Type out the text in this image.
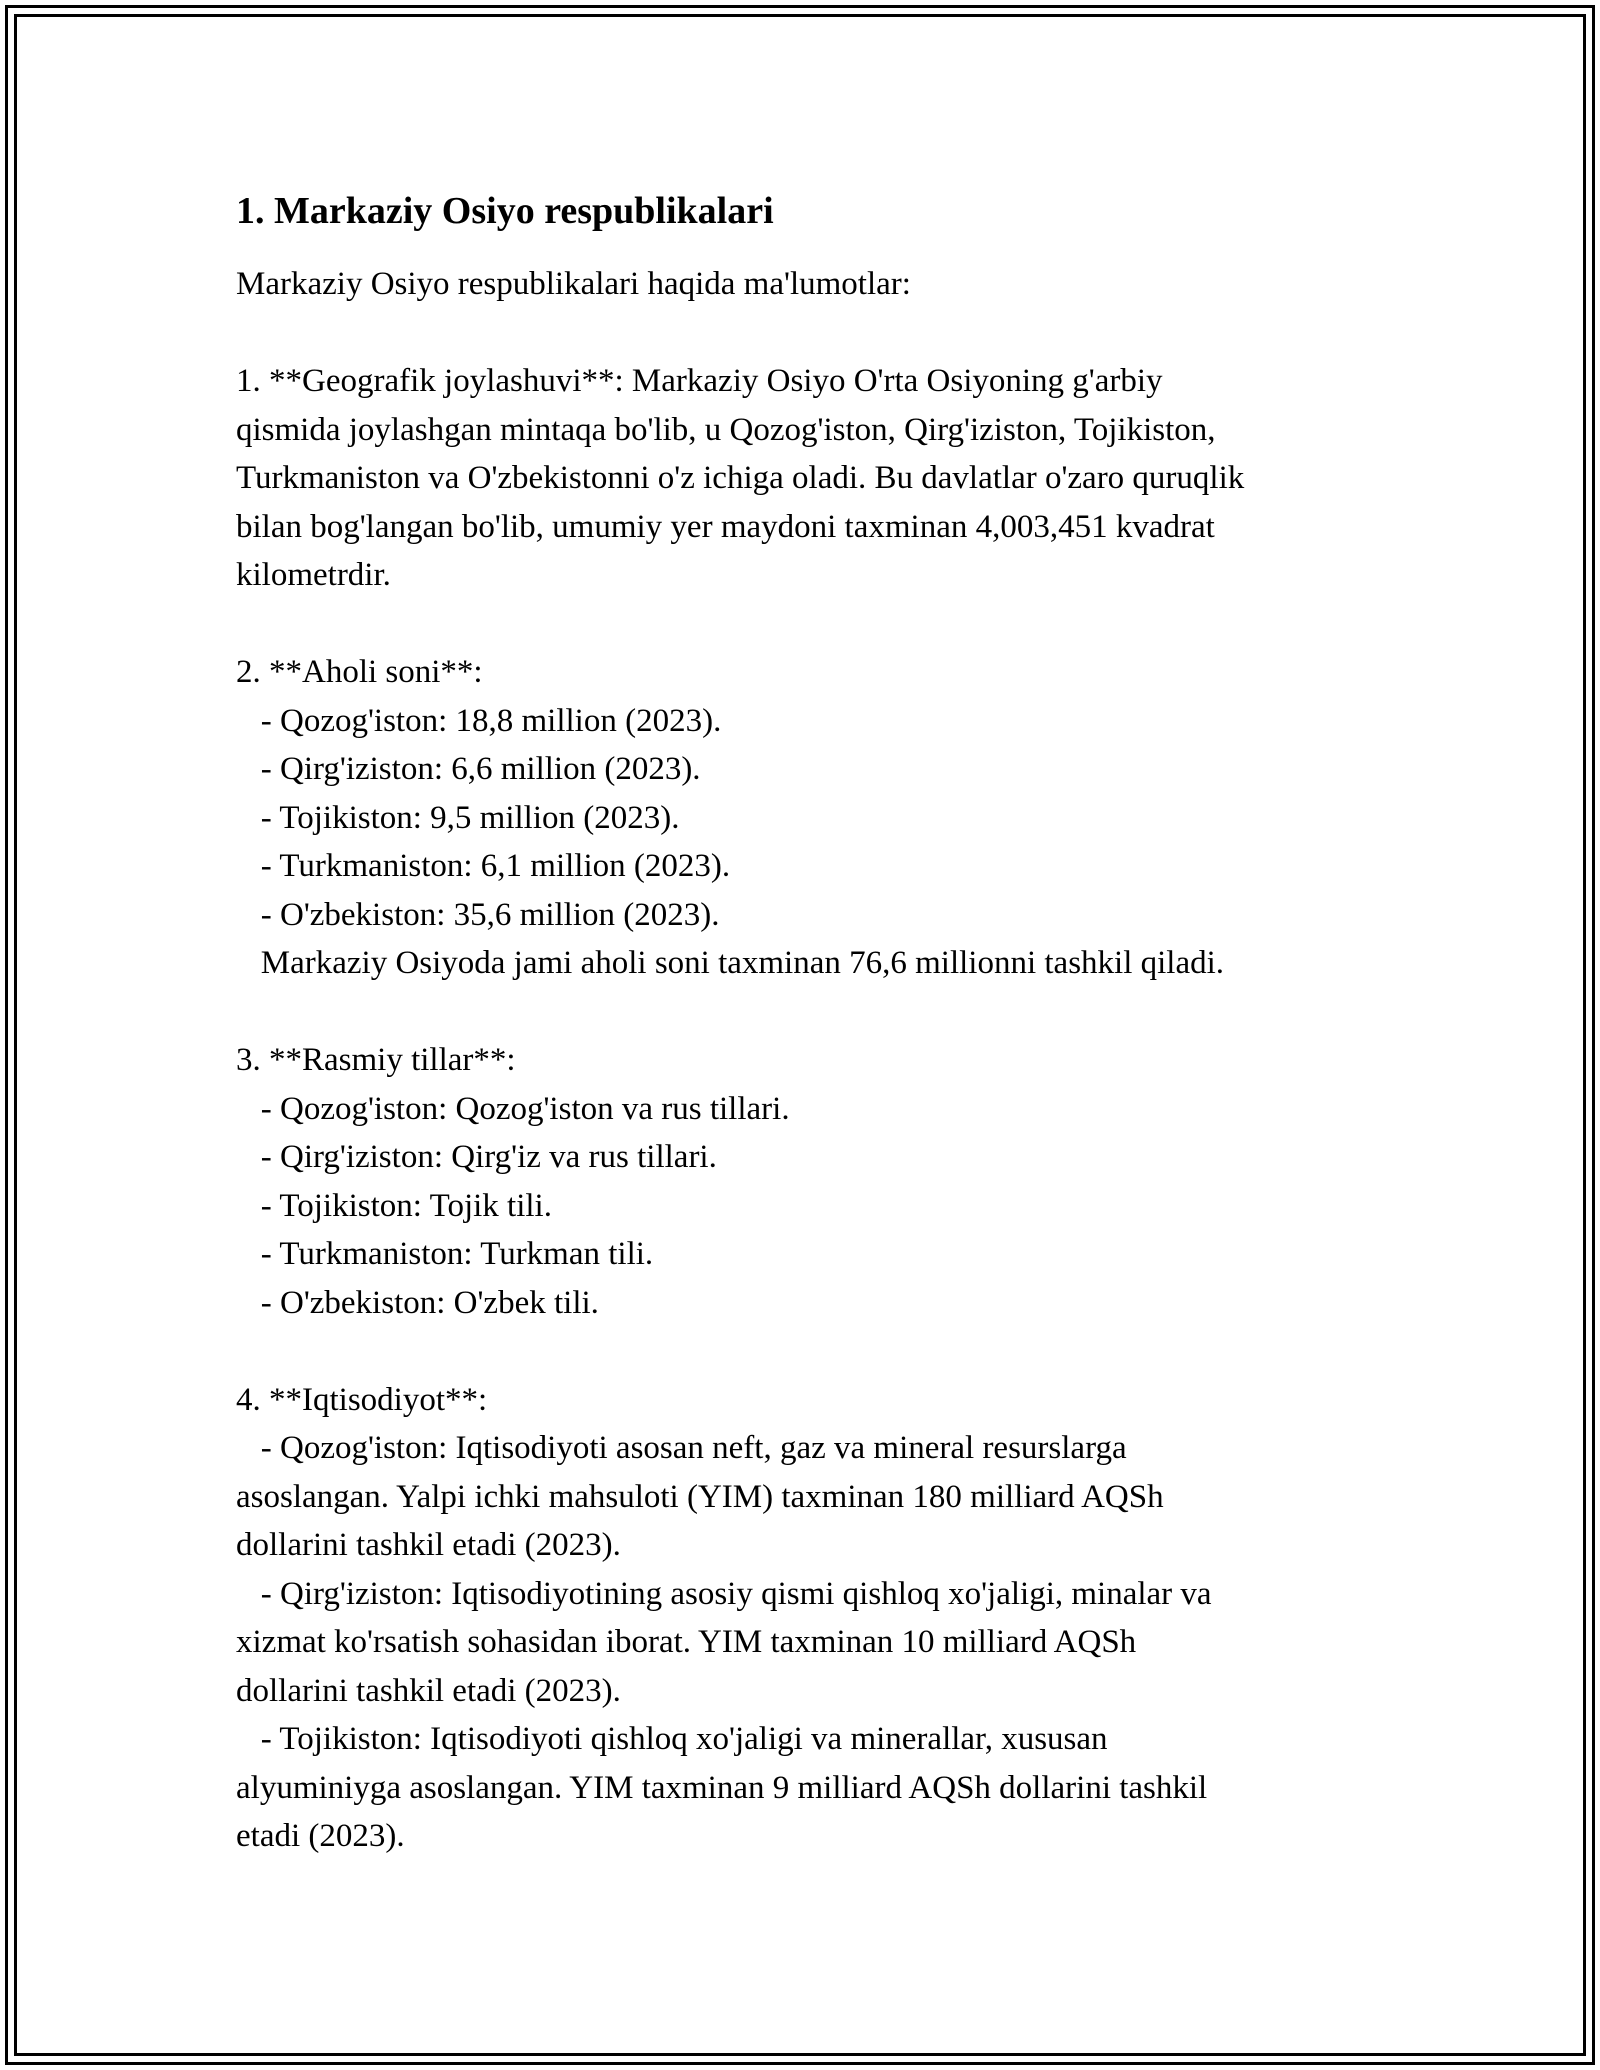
1. Markaziy Osiyo respublikalari
Markaziy Osiyo respublikalari haqida ma'lumotlar:
1. **Geografik joylashuvi**: Markaziy Osiyo O'rta Osiyoning g'arbiy
qismida joylashgan mintaqa bo'lib, u Qozog'iston, Qirg'iziston, Tojikiston,
Turkmaniston va O'zbekistonni o'z ichiga oladi. Bu davlatlar o'zaro quruqlik
bilan bog'langan bo'lib, umumiy yer maydoni taxminan 4,003,451 kvadrat
kilometrdir.
2. **Aholi soni**:
- Qozog'iston: 18,8 million (2023).
- Qirg'iziston: 6,6 million (2023).
- Tojikiston: 9,5 million (2023).
- Turkmaniston: 6,1 million (2023).
- O'zbekiston: 35,6 million (2023).
Markaziy Osiyoda jami aholi soni taxminan 76,6 millionni tashkil qiladi.
3. **Rasmiy tillar**:
- Qozog'iston: Qozog'iston va rus tillari.
- Qirg'iziston: Qirg'iz va rus tillari.
- Tojikiston: Tojik tili.
- Turkmaniston: Turkman tili.
- O'zbekiston: O'zbek tili.
4. **Iqtisodiyot**:
- Qozog'iston: Iqtisodiyoti asosan neft, gaz va mineral resurslarga
asoslangan. Yalpi ichki mahsuloti (YIM) taxminan 180 milliard AQSh
dollarini tashkil etadi (2023).
- Qirg'iziston: Iqtisodiyotining asosiy qismi qishloq xo'jaligi, minalar va
xizmat ko'rsatish sohasidan iborat. YIM taxminan 10 milliard AQSh
dollarini tashkil etadi (2023).
- Tojikiston: Iqtisodiyoti qishloq xo'jaligi va minerallar, xususan
alyuminiyga asoslangan. YIM taxminan 9 milliard AQSh dollarini tashkil
etadi (2023).
